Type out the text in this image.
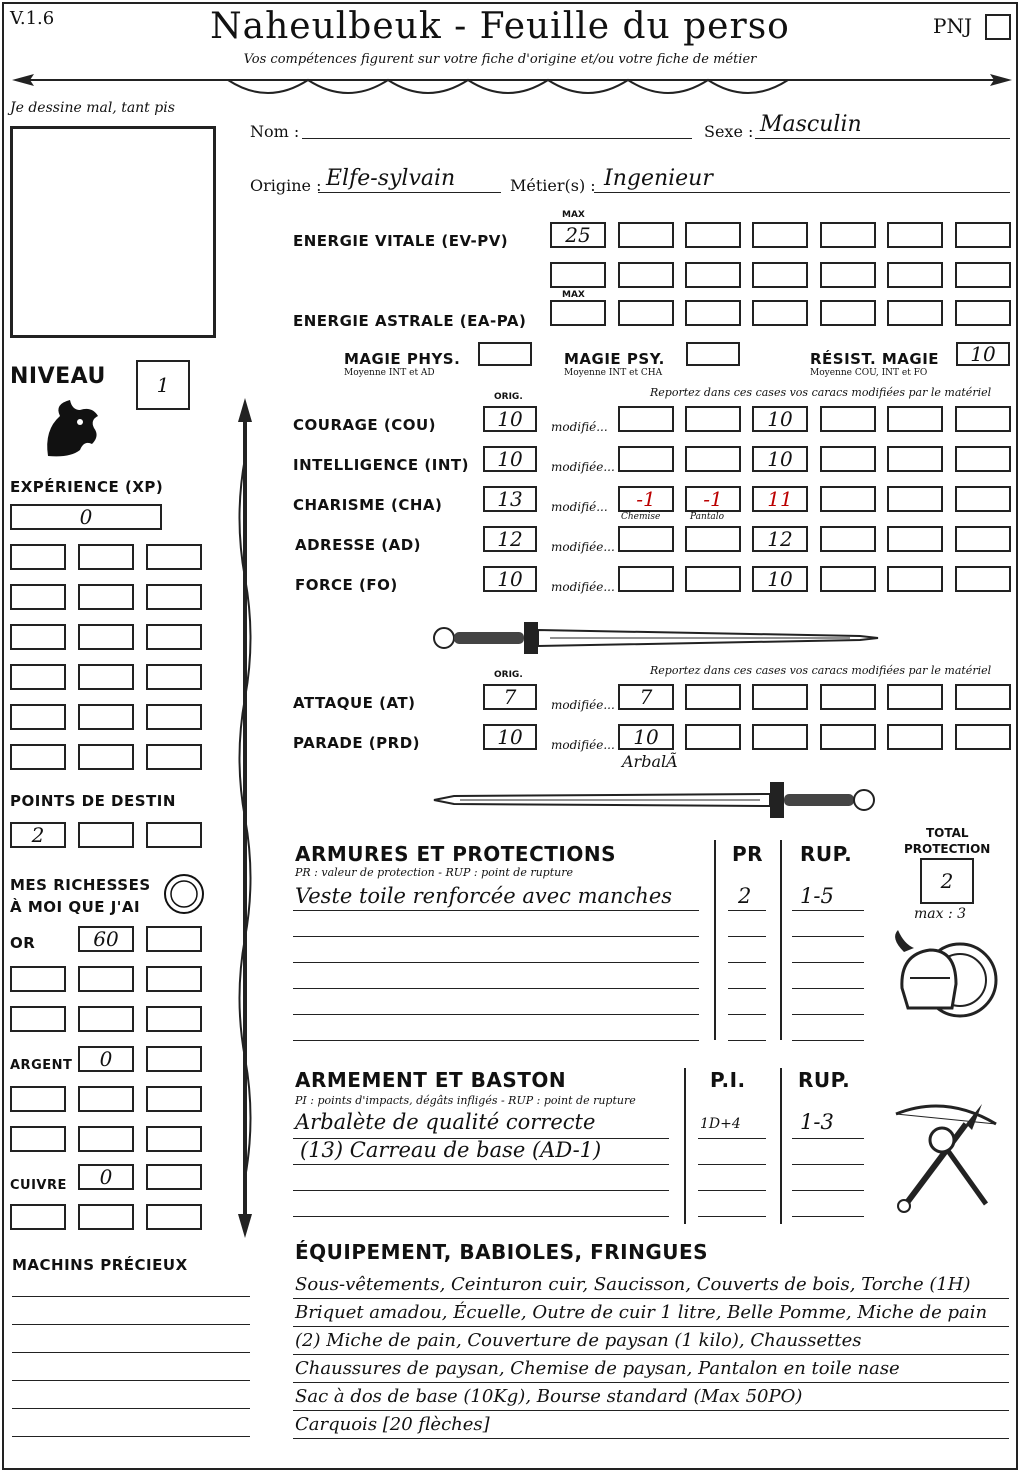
V.1.6	Naheulbeuk - Feuille du perso
Vos compétences figurent sur votre fiche d'origine et/ou votre fiche de métier
PNJ
Je dessine mal, tant pis
Nom :	Sexe : Masculin
Origine : Elfe-sylvain	Métier(s) : Ingenieur
MAX
ENERGIE VITALE (EV-PV)	25
MAX
ENERGIE ASTRALE (EA-PA)
MAGIE PHYS.
Moyenne INT et AD
MAGIE PSY.
Moyenne INT et CHA
RÉSIST. MAGIE
Moyenne COU, INT et FO
10
NIVEAU	1
EXPÉRIENCE (XP)
0
POINTS DE DESTIN
2
MES RICHESSES
À MOI QUE J'AI
OR	60
ARGENT	0
CUIVRE	0
MACHINS PRÉCIEUX
ORIG.	Reportez dans ces cases vos caracs modifiées par le matériel
COURAGE (COU)	10	modifié...	10
INTELLIGENCE (INT)	10	modifiée...	10
CHARISME (CHA)	13	modifié...	-1	-1	11
Chemise	Pantalo
ADRESSE (AD)	12	modifiée...	12
FORCE (FO)	10	modifiée...	10
ORIG.	Reportez dans ces cases vos caracs modifiées par le matériel
ATTAQUE (AT)	7	modifiée...	7
PARADE (PRD)	10	modifiée... 10
ArbalÃ
ARMURES ET PROTECTIONS
PR : valeur de protection - RUP : point de rupture
PR RUP.
Veste toile renforcée avec manches	2 1-5
TOTAL
PROTECTION
2
max : 3
ARMEMENT ET BASTON
PI : points d'impacts, dégâts infligés - RUP : point de rupture
P.I.	RUP.
Arbalète de qualité correcte	1D+4	1-3
(13) Carreau de base (AD-1)
ÉQUIPEMENT, BABIOLES, FRINGUES
Sous-vêtements, Ceinturon cuir, Saucisson, Couverts de bois, Torche (1H)
Briquet amadou, Écuelle, Outre de cuir 1 litre, Belle Pomme, Miche de pain
(2) Miche de pain, Couverture de paysan (1 kilo), Chaussettes
Chaussures de paysan, Chemise de paysan, Pantalon en toile nase
Sac à dos de base (10Kg), Bourse standard (Max 50PO)
Carquois [20 flèches]
